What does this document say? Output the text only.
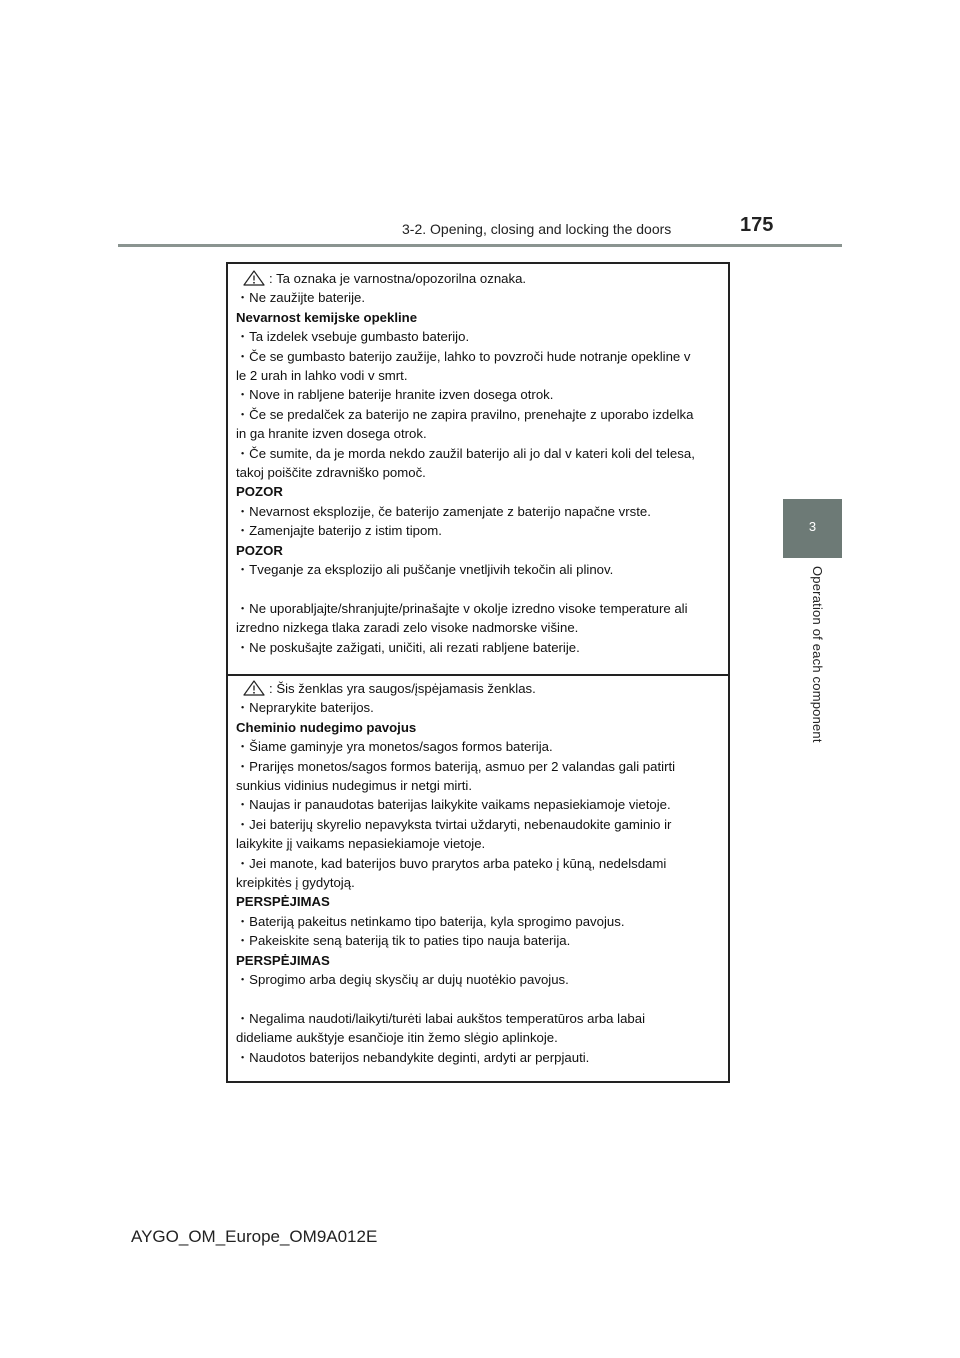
3-2. Opening, closing and locking the doors	175
3
Operation of each component
: Ta oznaka je varnostna/opozorilna oznaka.
・Ne zaužijte baterije.
Nevarnost kemijske opekline
・Ta izdelek vsebuje gumbasto baterijo.
・Če se gumbasto baterijo zaužije, lahko to povzroči hude notranje opekline v
le 2 urah in lahko vodi v smrt.
・Nove in rabljene baterije hranite izven dosega otrok.
・Če se predalček za baterijo ne zapira pravilno, prenehajte z uporabo izdelka
in ga hranite izven dosega otrok.
・Če sumite, da je morda nekdo zaužil baterijo ali jo dal v kateri koli del telesa,
takoj poiščite zdravniško pomoč.
POZOR
・Nevarnost eksplozije, če baterijo zamenjate z baterijo napačne vrste.
・Zamenjajte baterijo z istim tipom.
POZOR
・Tveganje za eksplozijo ali puščanje vnetljivih tekočin ali plinov.
・Ne uporabljajte/shranjujte/prinašajte v okolje izredno visoke temperature ali
izredno nizkega tlaka zaradi zelo visoke nadmorske višine.
・Ne poskušajte zažigati, uničiti, ali rezati rabljene baterije.
: Šis ženklas yra saugos/įspėjamasis ženklas.
・Neprarykite baterijos.
Cheminio nudegimo pavojus
・Šiame gaminyje yra monetos/sagos formos baterija.
・Prarijęs monetos/sagos formos bateriją, asmuo per 2 valandas gali patirti
sunkius vidinius nudegimus ir netgi mirti.
・Naujas ir panaudotas baterijas laikykite vaikams nepasiekiamoje vietoje.
・Jei baterijų skyrelio nepavyksta tvirtai uždaryti, nebenaudokite gaminio ir
laikykite jį vaikams nepasiekiamoje vietoje.
・Jei manote, kad baterijos buvo prarytos arba pateko į kūną, nedelsdami
kreipkitės į gydytoją.
PERSPĖJIMAS
・Bateriją pakeitus netinkamo tipo baterija, kyla sprogimo pavojus.
・Pakeiskite seną bateriją tik to paties tipo nauja baterija.
PERSPĖJIMAS
・Sprogimo arba degių skysčių ar dujų nuotėkio pavojus.
・Negalima naudoti/laikyti/turėti labai aukštos temperatūros arba labai
dideliame aukštyje esančioje itin žemo slėgio aplinkoje.
・Naudotos baterijos nebandykite deginti, ardyti ar perpjauti.
AYGO_OM_Europe_OM9A012E
